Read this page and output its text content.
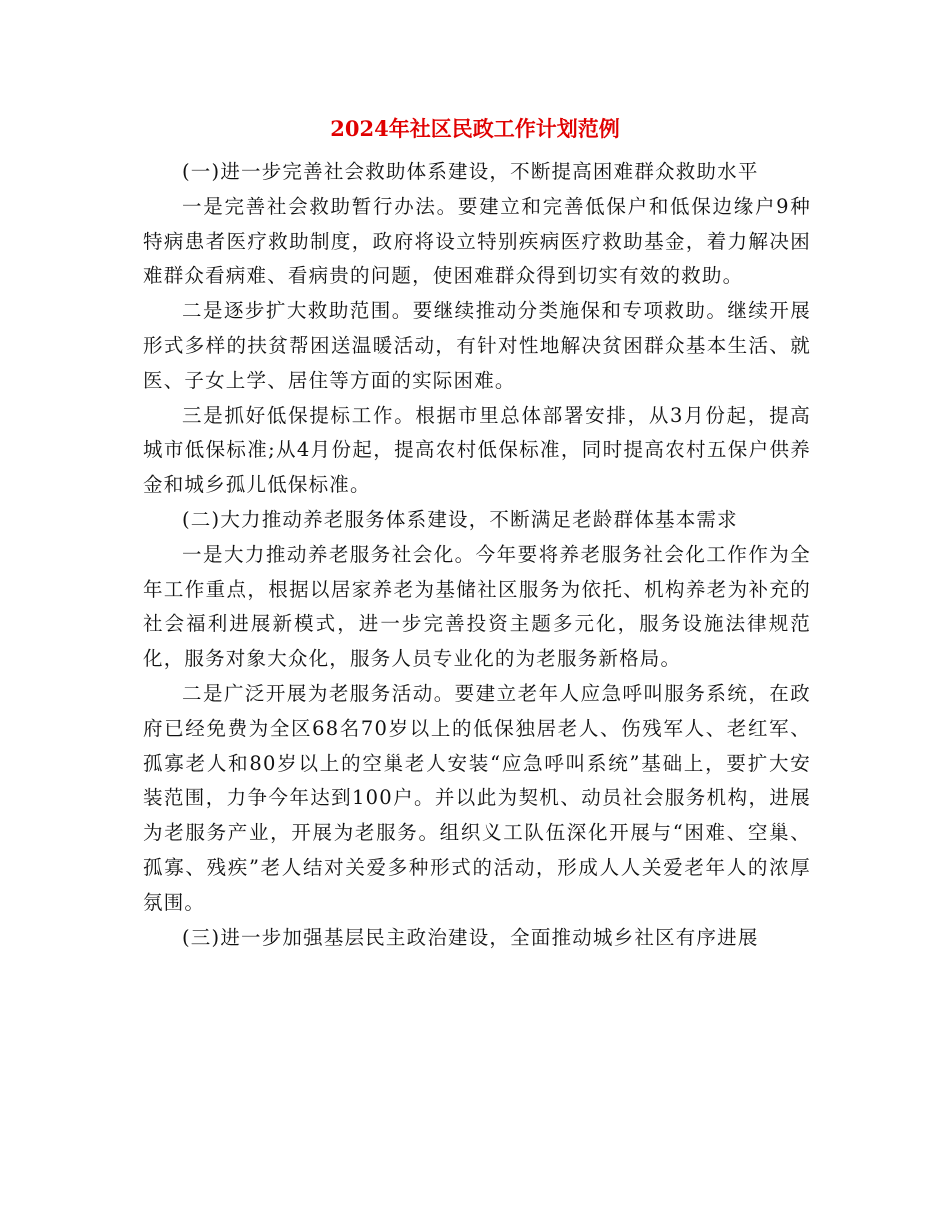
2024年社区民政工作计划范例

(一)进一步完善社会救助体系建设，不断提高困难群众救助水平

一是完善社会救助暂行办法。要建立和完善低保户和低保边缘户9种特病患者医疗救助制度，政府将设立特别疾病医疗救助基金，着力解决困难群众看病难、看病贵的问题，使困难群众得到切实有效的救助。

二是逐步扩大救助范围。要继续推动分类施保和专项救助。继续开展形式多样的扶贫帮困送温暖活动，有针对性地解决贫困群众基本生活、就医、子女上学、居住等方面的实际困难。

三是抓好低保提标工作。根据市里总体部署安排，从3月份起，提高城市低保标准;从4月份起，提高农村低保标准，同时提高农村五保户供养金和城乡孤儿低保标准。

(二)大力推动养老服务体系建设，不断满足老龄群体基本需求

一是大力推动养老服务社会化。今年要将养老服务社会化工作作为全年工作重点，根据以居家养老为基储社区服务为依托、机构养老为补充的社会福利进展新模式，进一步完善投资主题多元化，服务设施法律规范化，服务对象大众化，服务人员专业化的为老服务新格局。

二是广泛开展为老服务活动。要建立老年人应急呼叫服务系统，在政府已经免费为全区68名70岁以上的低保独居老人、伤残军人、老红军、孤寡老人和80岁以上的空巢老人安装“应急呼叫系统”基础上，要扩大安装范围，力争今年达到100户。并以此为契机、动员社会服务机构，进展为老服务产业，开展为老服务。组织义工队伍深化开展与“困难、空巢、孤寡、残疾”老人结对关爱多种形式的活动，形成人人关爱老年人的浓厚氛围。

(三)进一步加强基层民主政治建设，全面推动城乡社区有序进展
